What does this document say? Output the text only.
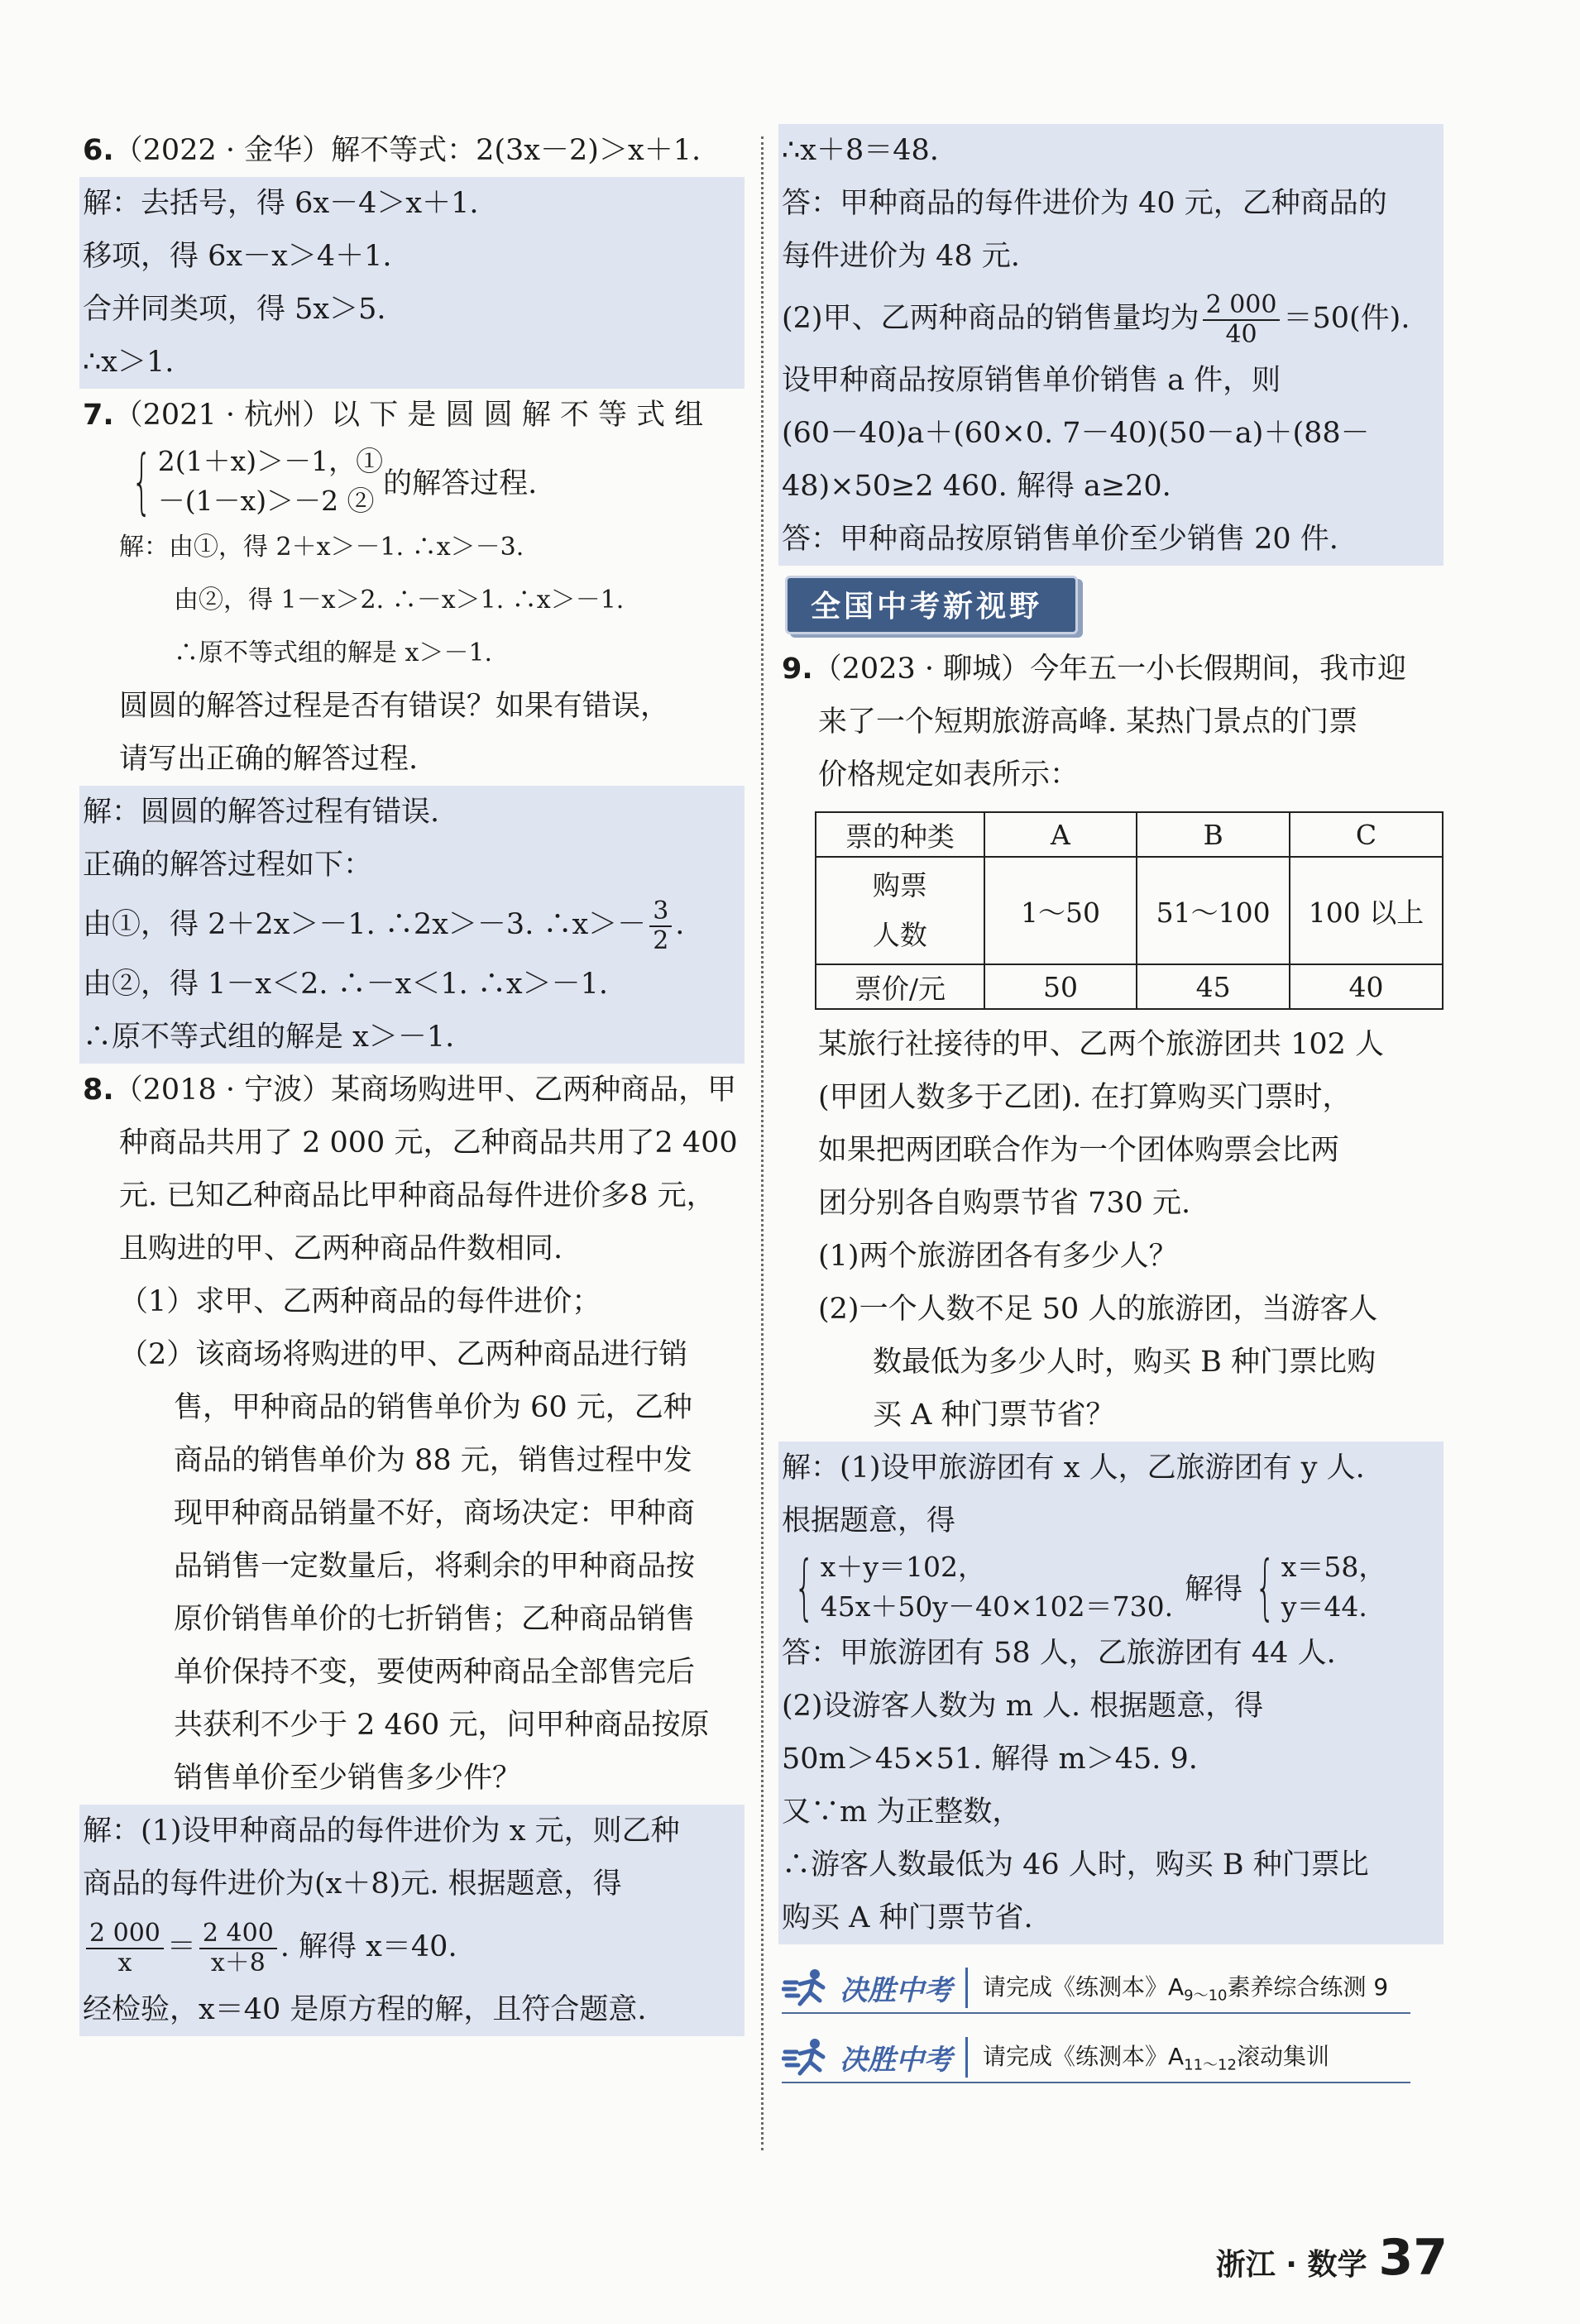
6.（2022 · 金华）解不等式：2(3x－2)＞x＋1.
解：去括号，得 6x－4＞x＋1.
移项，得 6x－x＞4＋1.
合并同类项，得 5x＞5.
∴x＞1.
7.（2021 · 杭州）以 下 是 圆 圆 解 不 等 式 组
{ 2(1＋x)＞－1，①
－(1－x)＞－2 ②
的解答过程.
解：由①，得 2＋x＞－1. ∴x＞－3.
由②，得 1－x＞2. ∴－x＞1. ∴x＞－1.
∴原不等式组的解是 x＞－1.
圆圆的解答过程是否有错误？如果有错误，
请写出正确的解答过程.
解：圆圆的解答过程有错误.
正确的解答过程如下：
由①，得 2＋2x＞－1. ∴2x＞－3. ∴x＞－ $\frac{3}{2}$ .
由②，得 1－x＜2. ∴－x＜1. ∴x＞－1.
∴原不等式组的解是 x＞－1.
8.（2018 · 宁波）某商场购进甲、乙两种商品，甲
种商品共用了 2 000 元，乙种商品共用了2 400
元. 已知乙种商品比甲种商品每件进价多8 元，
且购进的甲、乙两种商品件数相同.
（1）求甲、乙两种商品的每件进价；
（2）该商场将购进的甲、乙两种商品进行销
售，甲种商品的销售单价为 60 元，乙种
商品的销售单价为 88 元，销售过程中发
现甲种商品销量不好，商场决定：甲种商
品销售一定数量后，将剩余的甲种商品按
原价销售单价的七折销售；乙种商品销售
单价保持不变，要使两种商品全部售完后
共获利不少于 2 460 元，问甲种商品按原
销售单价至少销售多少件？
解：(1)设甲种商品的每件进价为 x 元，则乙种
商品的每件进价为(x＋8)元. 根据题意，得
$\frac{2 000}{x} = \frac{2 400}{x+8}$ . 解得 x＝40.
经检验，x＝40 是原方程的解，且符合题意.
∴x＋8＝48.
答：甲种商品的每件进价为 40 元，乙种商品的
每件进价为 48 元.
(2)甲、乙两种商品的销售量均为 $\frac{2 000}{40} =50$(件).
设甲种商品按原销售单价销售 a 件，则
(60－40)a＋(60×0. 7－40)(50－a)＋(88－
48)×50≥2 460. 解得 a≥20.
答：甲种商品按原销售单价至少销售 20 件.
全国中考新视野
9.（2023 · 聊城）今年五一小长假期间，我市迎
来了一个短期旅游高峰. 某热门景点的门票
价格规定如表所示：
票的种类	A	B	C

购票
人数	1～50	51～100	100 以上
票价/元	50	45	40
某旅行社接待的甲、乙两个旅游团共 102 人
(甲团人数多于乙团). 在打算购买门票时，
如果把两团联合作为一个团体购票会比两
团分别各自购票节省 730 元.
(1)两个旅游团各有多少人？
(2)一个人数不足 50 人的旅游团，当游客人
数最低为多少人时，购买 B 种门票比购
买 A 种门票节省？
解：(1)设甲旅游团有 x 人，乙旅游团有 y 人.
根据题意，得
{ x＋y＝102，
45x＋50y－40×102＝730.
解得 { x＝58，
y＝44.
答：甲旅游团有 58 人，乙旅游团有 44 人.
(2)设游客人数为 m 人. 根据题意，得
50m＞45×51. 解得 m＞45. 9.
又∵m 为正整数，
∴游客人数最低为 46 人时，购买 B 种门票比
购买 A 种门票节省.
决胜中考	请完成《练测本》$A_{9\sim 10}$素养综合练测 9
决胜中考	请完成《练测本》$A_{11\sim 12}$滚动集训
浙江 · 数学 37
